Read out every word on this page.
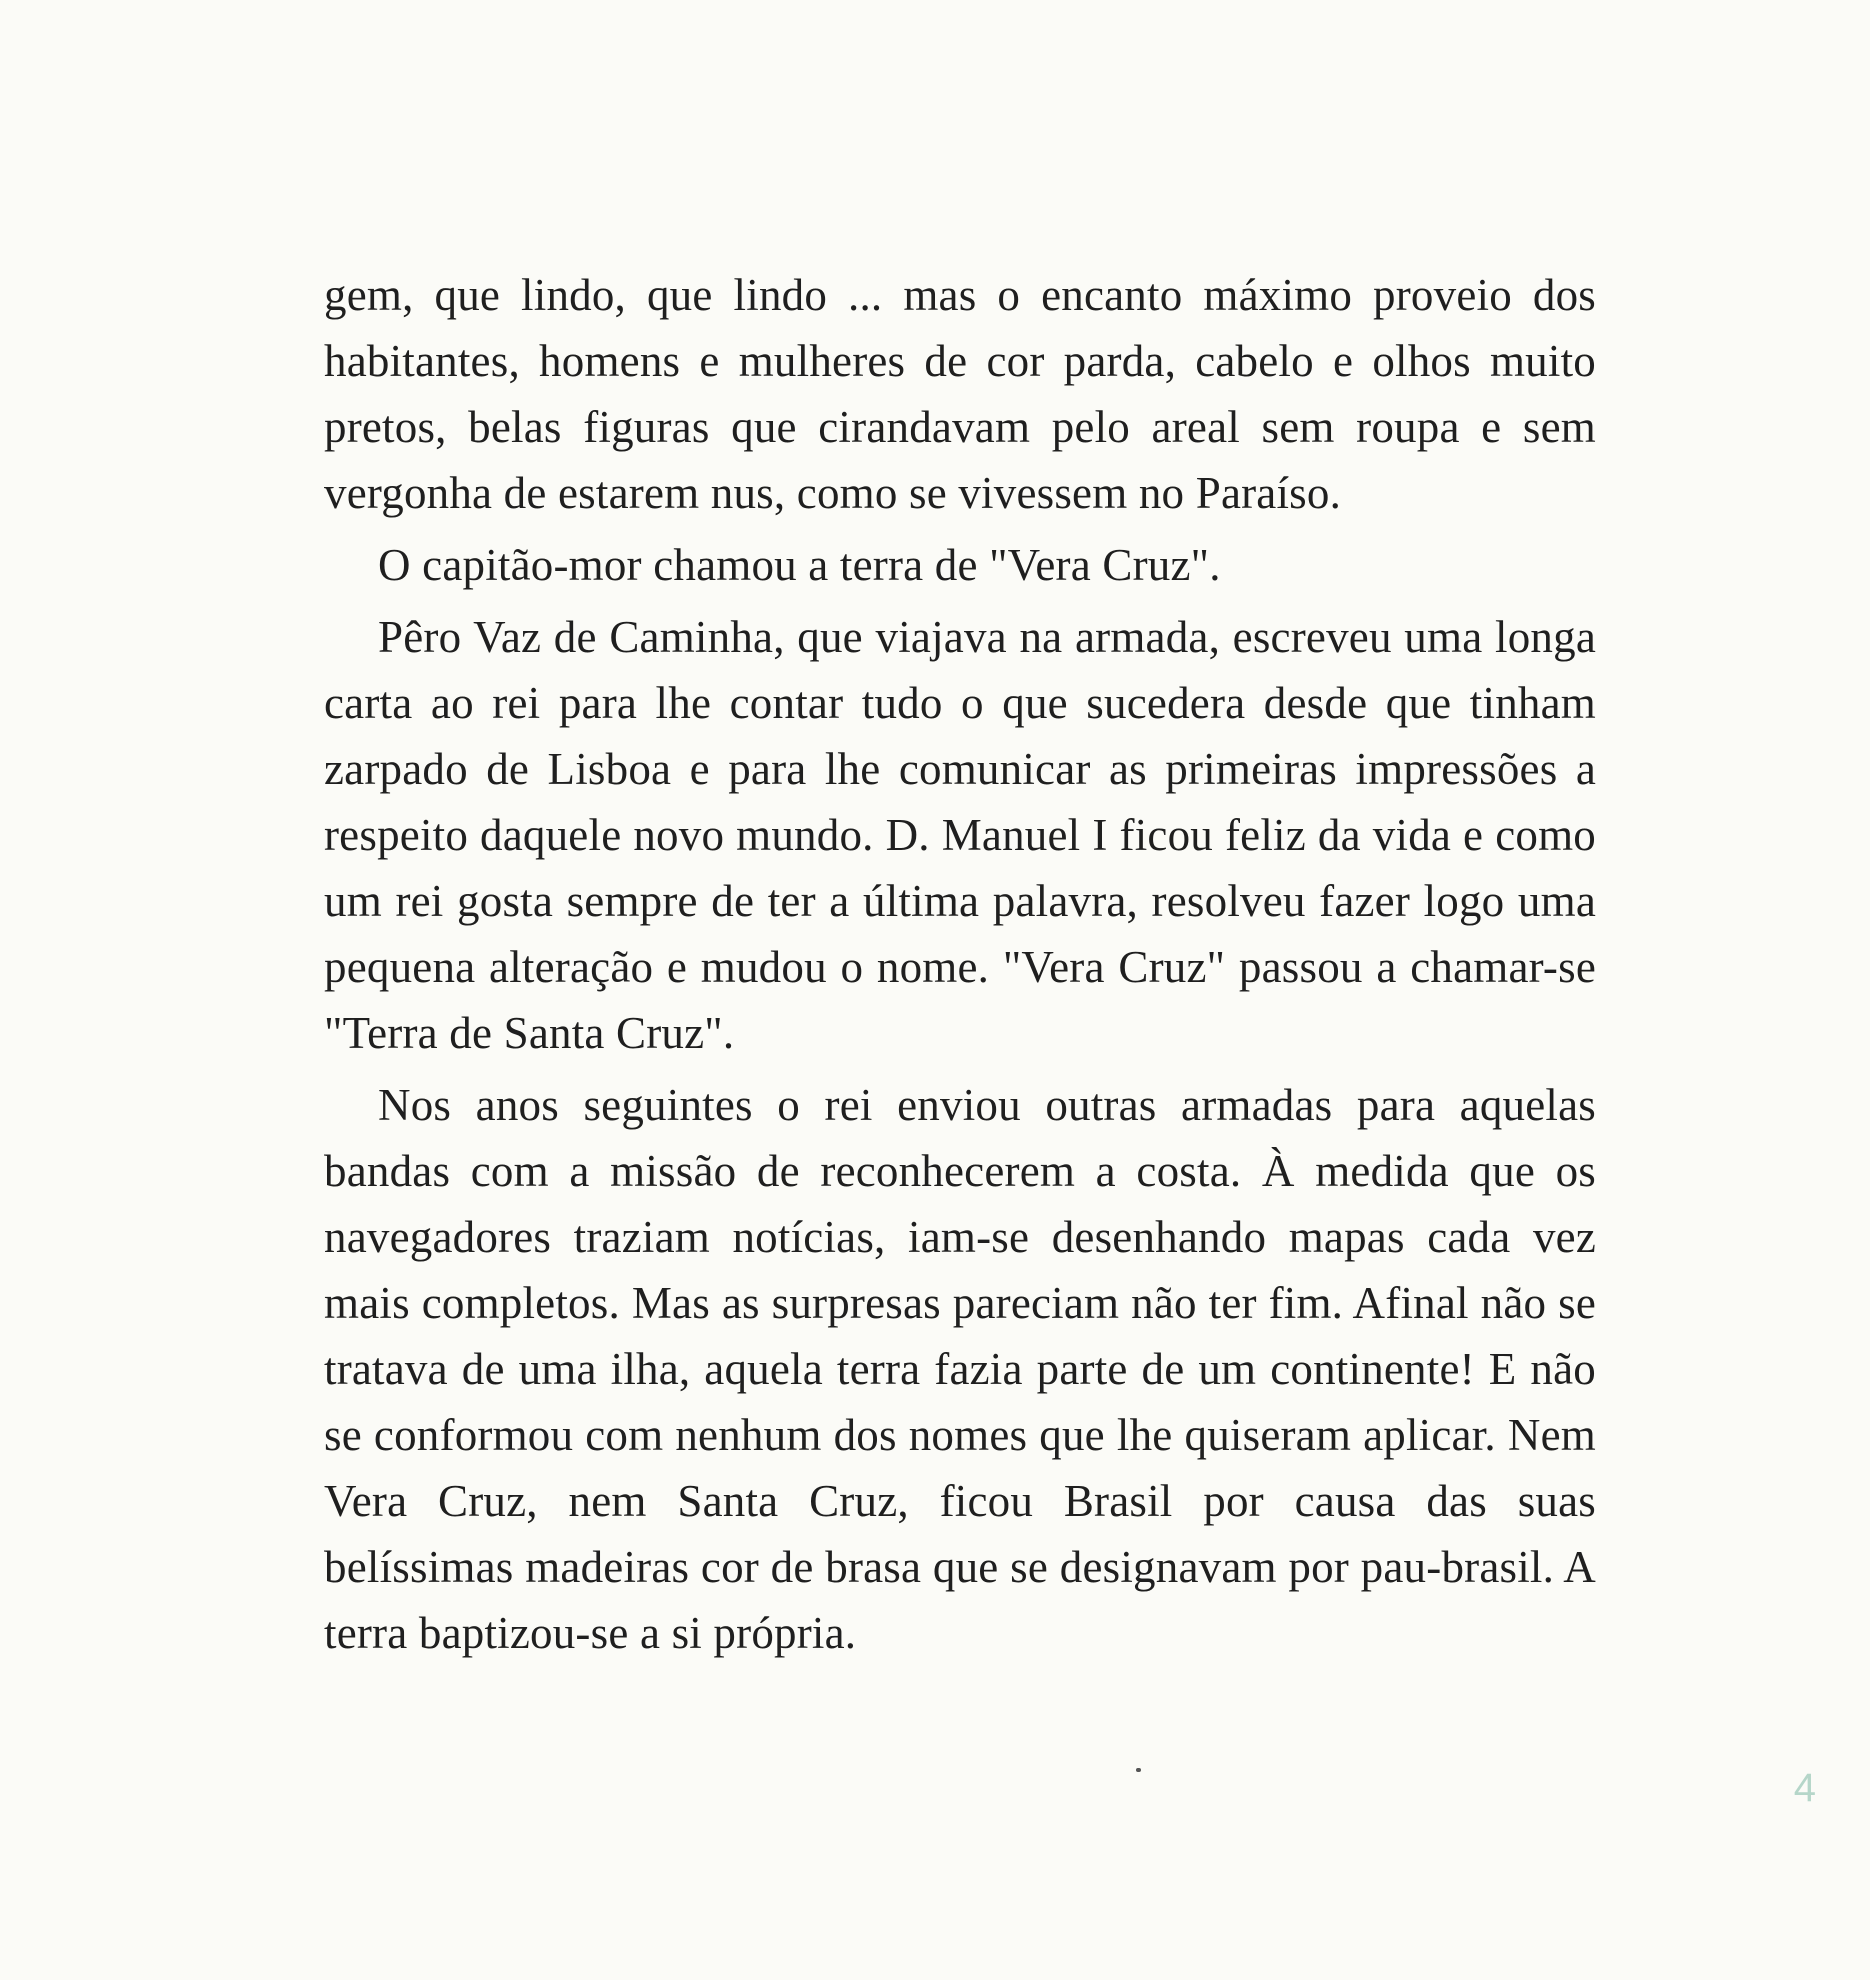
gem, que lindo, que lindo ... mas o encanto máximo proveio dos habitantes, homens e mulheres de cor parda, cabelo e olhos muito pretos, belas figuras que cirandavam pelo areal sem roupa e sem vergonha de estarem nus, como se vivessem no Paraíso.

O capitão-mor chamou a terra de "Vera Cruz".

Pêro Vaz de Caminha, que viajava na armada, escreveu uma longa carta ao rei para lhe contar tudo o que sucedera desde que tinham zarpado de Lisboa e para lhe comunicar as primeiras impressões a respeito daquele novo mundo. D. Manuel I ficou feliz da vida e como um rei gosta sempre de ter a última palavra, resolveu fazer logo uma pequena alteração e mudou o nome. "Vera Cruz" passou a chamar-se "Terra de Santa Cruz".

Nos anos seguintes o rei enviou outras armadas para aquelas bandas com a missão de reconhecerem a costa. À medida que os navegadores traziam notícias, iam-se desenhando mapas cada vez mais completos. Mas as surpresas pareciam não ter fim. Afinal não se tratava de uma ilha, aquela terra fazia parte de um continente! E não se conformou com nenhum dos nomes que lhe quiseram aplicar. Nem Vera Cruz, nem Santa Cruz, ficou Brasil por causa das suas belíssimas madeiras cor de brasa que se designavam por pau-brasil. A terra baptizou-se a si própria.

4
